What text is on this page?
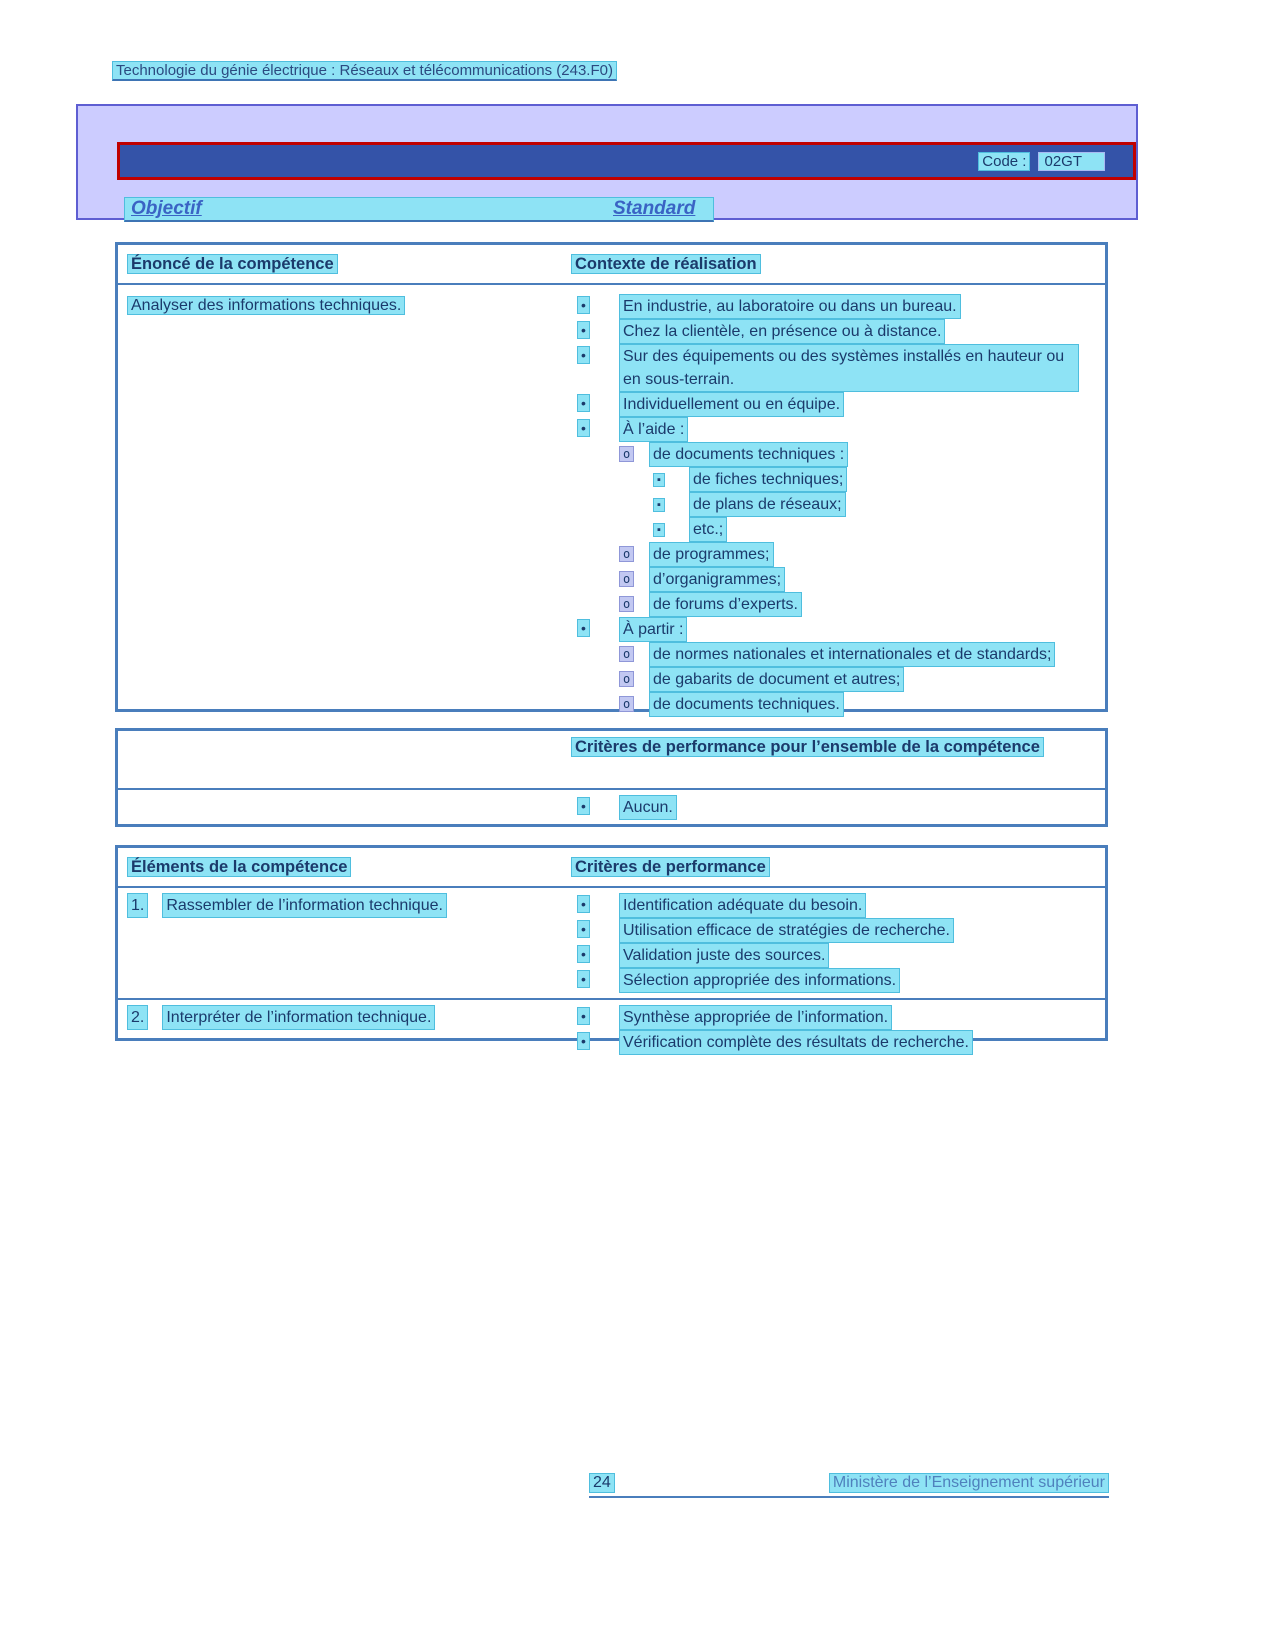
Technologie du génie électrique : Réseaux et télécommunications (243.F0)
Code :	02GT
Objectif	Standard
Énoncé de la compétence	Contexte de réalisation
Analyser des informations techniques.	•	En industrie, au laboratoire ou dans un bureau.
•	Chez la clientèle, en présence ou à distance.
•	Sur des équipements ou des systèmes installés en hauteur ou en sous-terrain.
•	Individuellement ou en équipe.
•	À l’aide :
o	de documents techniques :
▪	de fiches techniques;
▪	de plans de réseaux;
▪	etc.;
o	de programmes;
o	d’organigrammes;
o	de forums d’experts.
•	À partir :
o	de normes nationales et internationales et de standards;
o	de gabarits de document et autres;
o	de documents techniques.
Critères de performance pour l’ensemble de la compétence
•	Aucun.
Éléments de la compétence	Critères de performance
1. Rassembler de l’information technique.	•	Identification adéquate du besoin.
•	Utilisation efficace de stratégies de recherche.
•	Validation juste des sources.
•	Sélection appropriée des informations.
2. Interpréter de l’information technique.	•	Synthèse appropriée de l’information.
•	Vérification complète des résultats de recherche.
24	Ministère de l’Enseignement supérieur
